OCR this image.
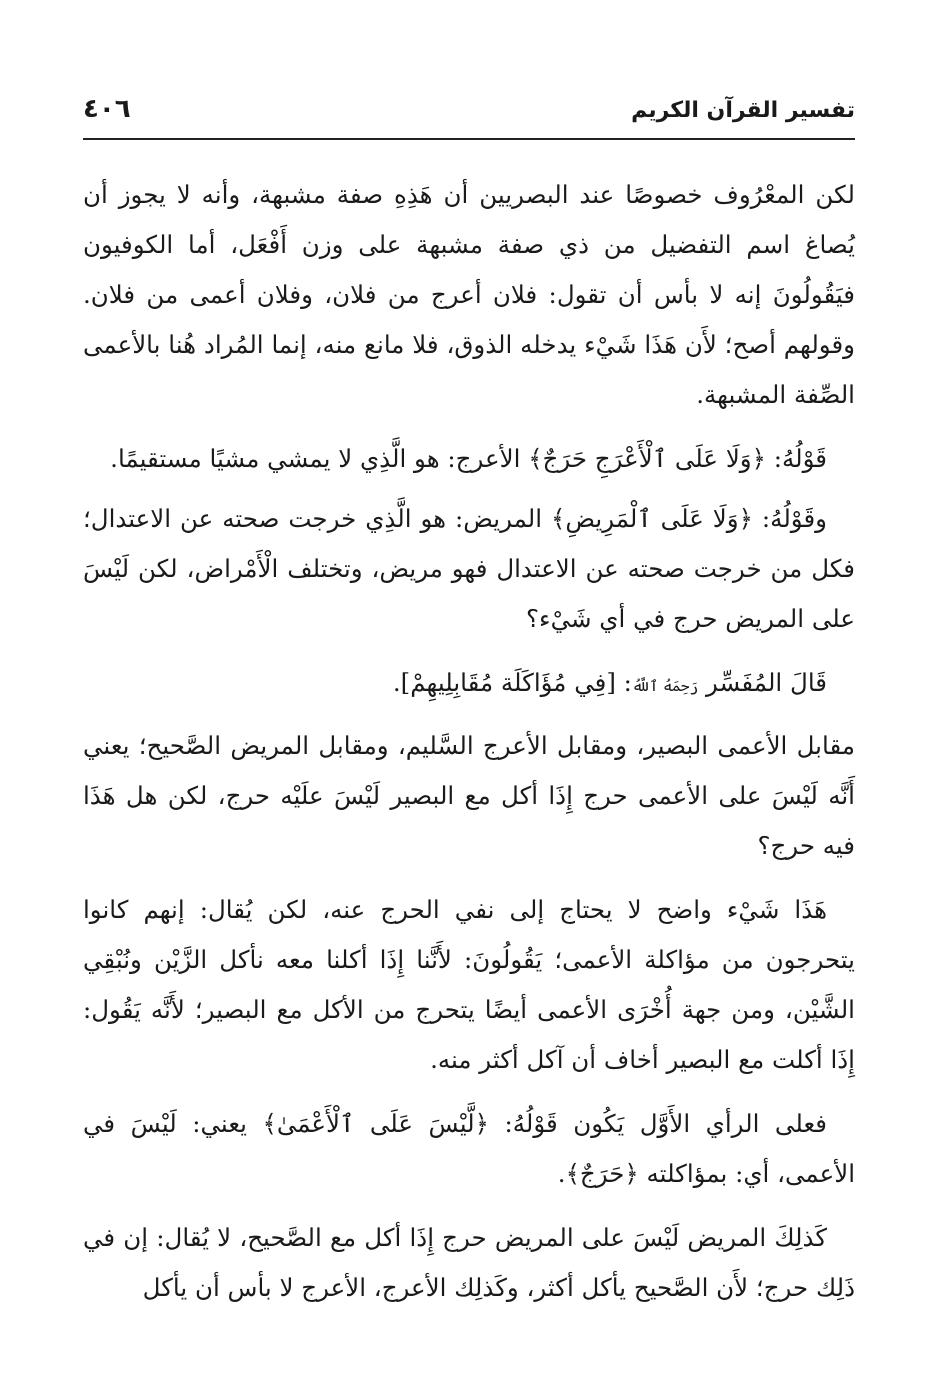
تفسير القرآن الكريم
٤٠٦

لكن المعْرُوف خصوصًا عند البصريين أن هَذِهِ صفة مشبهة، وأنه لا يجوز أن يُصاغ اسم التفضيل من ذي صفة مشبهة على وزن أَفْعَل، أما الكوفيون فيَقُولُونَ إنه لا بأس أن تقول: فلان أعرج من فلان، وفلان أعمى من فلان. وقولهم أصح؛ لأَن هَذَا شَيْء يدخله الذوق، فلا مانع منه، إنما المُراد هُنا بالأعمى الصِّفة المشبهة.

قَوْلُهُ: ﴿وَلَا عَلَى ٱلْأَعْرَجِ حَرَجٌ﴾ الأعرج: هو الَّذِي لا يمشي مشيًا مستقيمًا.

وقَوْلُهُ: ﴿وَلَا عَلَى ٱلْمَرِيضِ﴾ المريض: هو الَّذِي خرجت صحته عن الاعتدال؛ فكل من خرجت صحته عن الاعتدال فهو مريض، وتختلف الْأَمْراض، لكن لَيْسَ على المريض حرج في أي شَيْء؟

قَالَ المُفَسِّر رَحِمَهُ ٱللَّهُ: [فِي مُؤَاكَلَة مُقَابِلِيهِمْ].

مقابل الأعمى البصير، ومقابل الأعرج السَّليم، ومقابل المريض الصَّحيح؛ يعني أَنَّه لَيْسَ على الأعمى حرج إِذَا أكل مع البصير لَيْسَ علَيْه حرج، لكن هل هَذَا فيه حرج؟

هَذَا شَيْء واضح لا يحتاج إلى نفي الحرج عنه، لكن يُقال: إنهم كانوا يتحرجون من مؤاكلة الأعمى؛ يَقُولُونَ: لأَنَّنا إِذَا أكلنا معه نأكل الزَّيْن ونُبْقِي الشَّيْن، ومن جهة أُخْرَى الأعمى أيضًا يتحرج من الأكل مع البصير؛ لأَنَّه يَقُول: إِذَا أكلت مع البصير أخاف أن آكل أكثر منه.

فعلى الرأي الأَوَّل يَكُون قَوْلُهُ: ﴿لَّيْسَ عَلَى ٱلْأَعْمَىٰ﴾ يعني: لَيْسَ في الأعمى، أي: بمؤاكلته ﴿حَرَجٌ﴾.

كَذلِكَ المريض لَيْسَ على المريض حرج إِذَا أكل مع الصَّحيح، لا يُقال: إن في ذَلِك حرج؛ لأَن الصَّحيح يأكل أكثر، وكَذلِك الأعرج، الأعرج لا بأس أن يأكل
